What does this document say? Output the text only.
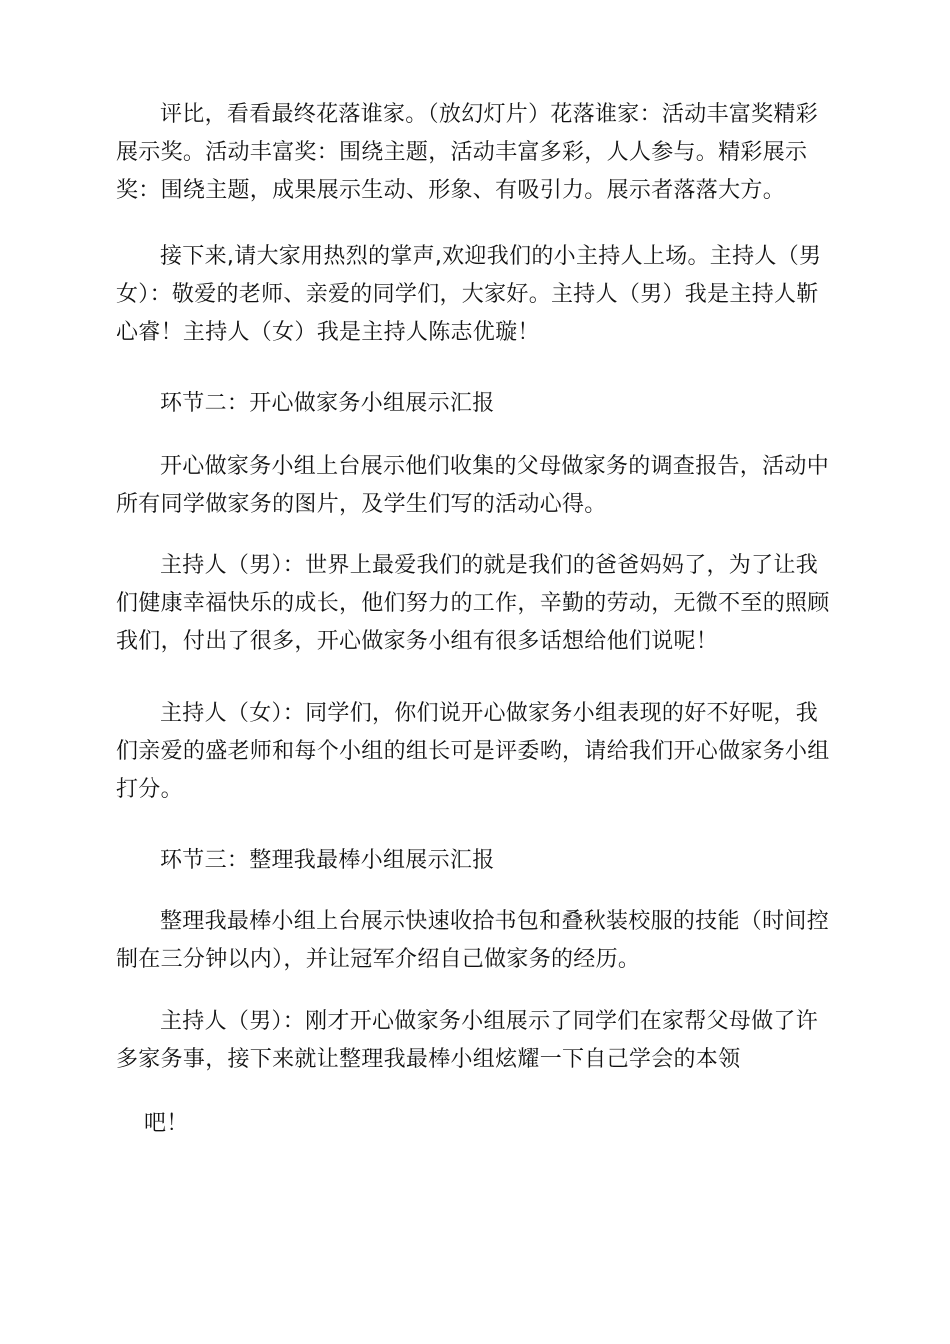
评比，看看最终花落谁家。（放幻灯片）花落谁家：活动丰富奖精彩展示奖。活动丰富奖：围绕主题，活动丰富多彩，人人参与。精彩展示奖：围绕主题，成果展示生动、形象、有吸引力。展示者落落大方。

接下来,请大家用热烈的掌声,欢迎我们的小主持人上场。主持人（男女）：敬爱的老师、亲爱的同学们，大家好。主持人（男）我是主持人靳心睿！主持人（女）我是主持人陈志优璇！

环节二：开心做家务小组展示汇报

开心做家务小组上台展示他们收集的父母做家务的调查报告，活动中所有同学做家务的图片，及学生们写的活动心得。

主持人（男）：世界上最爱我们的就是我们的爸爸妈妈了，为了让我们健康幸福快乐的成长，他们努力的工作，辛勤的劳动，无微不至的照顾我们，付出了很多，开心做家务小组有很多话想给他们说呢！

主持人（女）：同学们，你们说开心做家务小组表现的好不好呢，我们亲爱的盛老师和每个小组的组长可是评委哟，请给我们开心做家务小组打分。

环节三：整理我最棒小组展示汇报

整理我最棒小组上台展示快速收拾书包和叠秋装校服的技能（时间控制在三分钟以内），并让冠军介绍自己做家务的经历。

主持人（男）：刚才开心做家务小组展示了同学们在家帮父母做了许多家务事，接下来就让整理我最棒小组炫耀一下自己学会的本领

吧！
